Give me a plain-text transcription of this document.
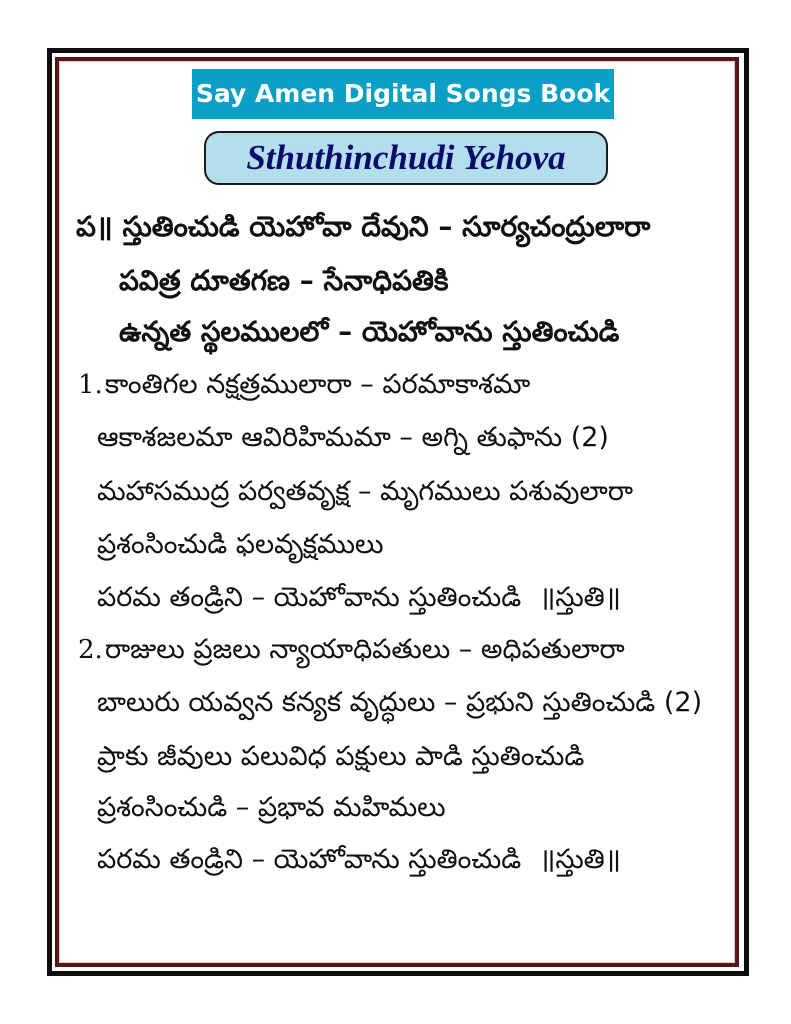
Say Amen Digital Songs Book
Sthuthinchudi Yehova
ప॥ స్తుతించుడి యెహోవా దేవుని – సూర్యచంద్రులారా
పవిత్ర దూతగణ – సేనాధిపతికి
ఉన్నత స్థలములలో – యెహోవాను స్తుతించుడి
1.కాంతిగల నక్షత్రములారా – పరమాకాశమా
ఆకాశజలమా ఆవిరిహిమమా – అగ్ని తుఫాను (2)
మహాసముద్ర పర్వతవృక్ష – మృగములు పశువులారా
ప్రశంసించుడి ఫలవృక్షములు
పరమ తండ్రిని – యెహోవాను స్తుతించుడి ॥స్తుతి॥
2.రాజులు ప్రజలు న్యాయాధిపతులు – అధిపతులారా
బాలురు యవ్వన కన్యక వృద్ధులు – ప్రభుని స్తుతించుడి (2)
ప్రాకు జీవులు పలువిధ పక్షులు పాడి స్తుతించుడి
ప్రశంసించుడి – ప్రభావ మహిమలు
పరమ తండ్రిని – యెహోవాను స్తుతించుడి ॥స్తుతి॥
